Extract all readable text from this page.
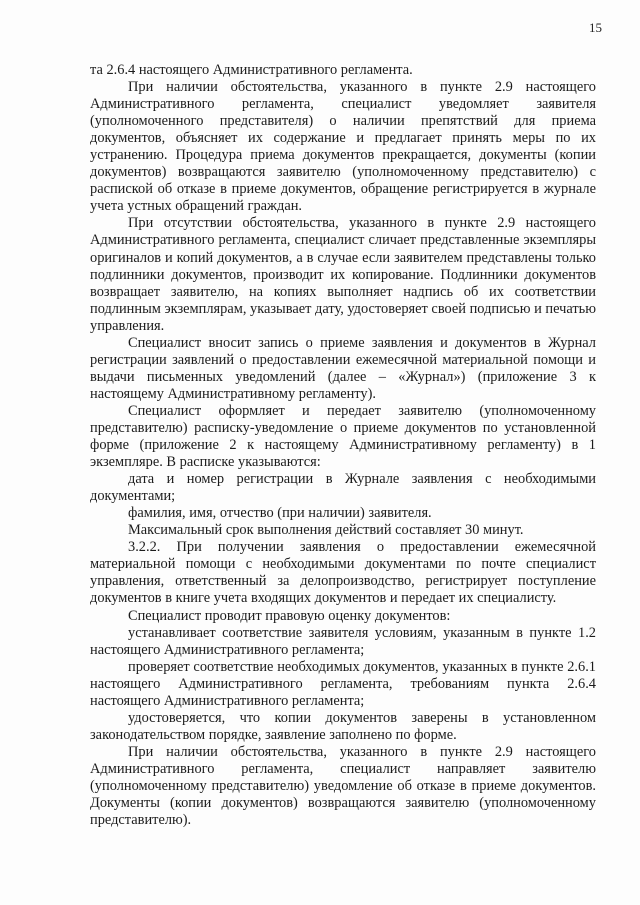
15

та 2.6.4 настоящего Административного регламента.

При наличии обстоятельства, указанного в пункте 2.9 настоящего Административного регламента, специалист уведомляет заявителя (уполномоченного представителя) о наличии препятствий для приема документов, объясняет их содержание и предлагает принять меры по их устранению. Процедура приема документов прекращается, документы (копии документов) возвращаются заявителю (уполномоченному представителю) с распиской об отказе в приеме документов, обращение регистрируется в журнале учета устных обращений граждан.

При отсутствии обстоятельства, указанного в пункте 2.9 настоящего Административного регламента, специалист сличает представленные экземпляры оригиналов и копий документов, а в случае если заявителем представлены только подлинники документов, производит их копирование. Подлинники документов возвращает заявителю, на копиях выполняет надпись об их соответствии подлинным экземплярам, указывает дату, удостоверяет своей подписью и печатью управления.

Специалист вносит запись о приеме заявления и документов в Журнал регистрации заявлений о предоставлении ежемесячной материальной помощи и выдачи письменных уведомлений (далее – «Журнал») (приложение 3 к настоящему Административному регламенту).

Специалист оформляет и передает заявителю (уполномоченному представителю) расписку-уведомление о приеме документов по установленной форме (приложение 2 к настоящему Административному регламенту) в 1 экземпляре. В расписке указываются:

дата и номер регистрации в Журнале заявления с необходимыми документами;

фамилия, имя, отчество (при наличии) заявителя.

Максимальный срок выполнения действий составляет 30 минут.

3.2.2. При получении заявления о предоставлении ежемесячной материальной помощи с необходимыми документами по почте специалист управления, ответственный за делопроизводство, регистрирует поступление документов в книге учета входящих документов и передает их специалисту.

Специалист проводит правовую оценку документов:

устанавливает соответствие заявителя условиям, указанным в пункте 1.2 настоящего Административного регламента;

проверяет соответствие необходимых документов, указанных в пункте 2.6.1 настоящего Административного регламента, требованиям пункта 2.6.4 настоящего Административного регламента;

удостоверяется, что копии документов заверены в установленном законодательством порядке, заявление заполнено по форме.

При наличии обстоятельства, указанного в пункте 2.9 настоящего Административного регламента, специалист направляет заявителю (уполномоченному представителю) уведомление об отказе в приеме документов. Документы (копии документов) возвращаются заявителю (уполномоченному представителю).
